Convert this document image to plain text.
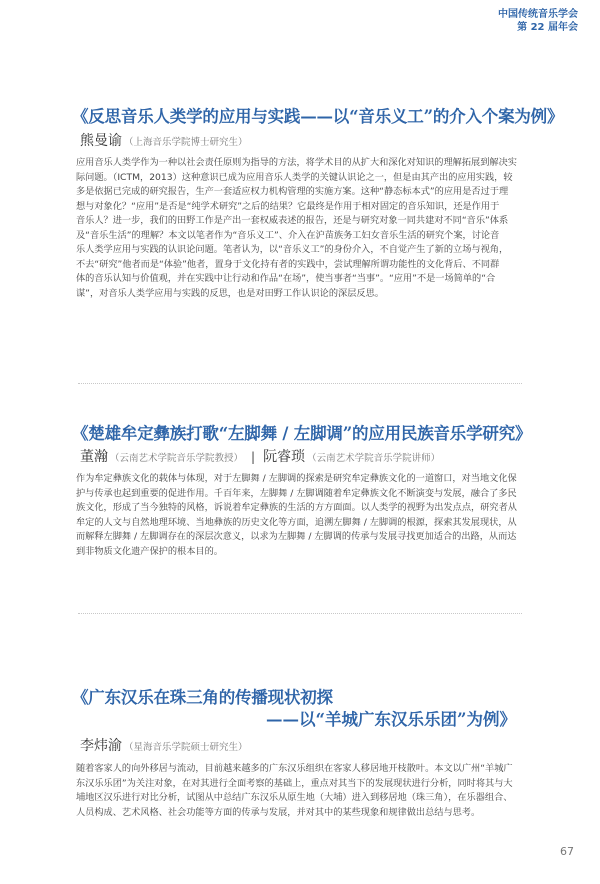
中国传统音乐学会
第 22 届年会
《反思音乐人类学的应用与实践——以“音乐义工”的介入个案为例》
熊曼谕 （上海音乐学院博士研究生）
应用音乐人类学作为一种以社会责任原则为指导的方法，将学术目的从扩大和深化对知识的理解拓展到解决实
际问题。（ICTM，2013）这种意识已成为应用音乐人类学的关键认识论之一，但是由其产出的应用实践，较
多是依据已完成的研究报告，生产一套适应权力机构管理的实施方案。这种“静态标本式”的应用是否过于理
想与对象化？“应用”是否是“纯学术研究”之后的结果？它最终是作用于相对固定的音乐知识，还是作用于
音乐人？进一步，我们的田野工作是产出一套权威表述的报告，还是与研究对象一同共建对不同“音乐”体系
及“音乐生活”的理解？本文以笔者作为“音乐义工”、介入在沪苗族务工妇女音乐生活的研究个案，讨论音
乐人类学应用与实践的认识论问题。笔者认为，以“音乐义工”的身份介入，不自觉产生了新的立场与视角，
不去“研究”他者而是“体验”他者，置身于文化持有者的实践中，尝试理解所谓功能性的文化背后、不同群
体的音乐认知与价值观，并在实践中让行动和作品“在场”，使当事者“当事”。“应用”不是一场简单的“合
谋”，对音乐人类学应用与实践的反思，也是对田野工作认识论的深层反思。
《楚雄牟定彝族打歌“左脚舞 / 左脚调”的应用民族音乐学研究》
董瀚 （云南艺术学院音乐学院教授） | 阮睿琐 （云南艺术学院音乐学院讲师）
作为牟定彝族文化的载体与体现，对于左脚舞 / 左脚调的探索是研究牟定彝族文化的一道窗口，对当地文化保
护与传承也起到重要的促进作用。千百年来，左脚舞 / 左脚调随着牟定彝族文化不断演变与发展，融合了多民
族文化，形成了当今独特的风格，诉说着牟定彝族的生活的方方面面。以人类学的视野为出发点点，研究者从
牟定的人文与自然地理环境、当地彝族的历史文化等方面，追溯左脚舞 / 左脚调的根源，探索其发展现状，从
而解释左脚舞 / 左脚调存在的深层次意义，以求为左脚舞 / 左脚调的传承与发展寻找更加适合的出路，从而达
到非物质文化遗产保护的根本目的。
《广东汉乐在珠三角的传播现状初探
——以“羊城广东汉乐乐团”为例》
李炜渝 （星海音乐学院硕士研究生）
随着客家人的向外移居与流动，目前越来越多的广东汉乐组织在客家人移居地开枝散叶。本文以广州“羊城广
东汉乐乐团”为关注对象，在对其进行全面考察的基础上，重点对其当下的发展现状进行分析，同时将其与大
埔地区汉乐进行对比分析，试图从中总结广东汉乐从原生地（大埔）进入到移居地（珠三角），在乐器组合、
人员构成、艺术风格、社会功能等方面的传承与发展，并对其中的某些现象和规律做出总结与思考。
67
